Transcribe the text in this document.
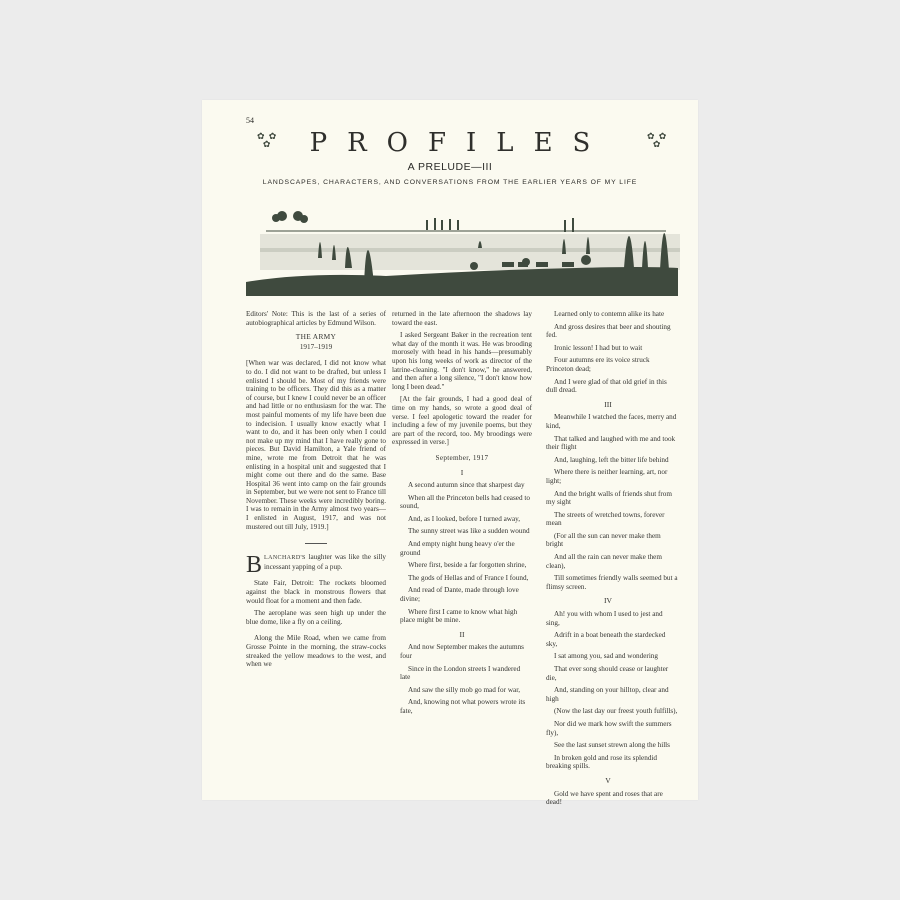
54
✿ ✿
✿
✿ ✿
✿
PROFILES
A PRELUDE—III
LANDSCAPES, CHARACTERS, AND CONVERSATIONS FROM THE EARLIER YEARS OF MY LIFE

Editors' Note: This is the last of a series of autobiographical articles by Edmund Wilson.

THE ARMY
1917–1919

[When war was declared, I did not know what to do. I did not want to be drafted, but unless I enlisted I should be. Most of my friends were training to be officers. They did this as a matter of course, but I knew I could never be an officer and had little or no enthusiasm for the war. The most painful moments of my life have been due to indecision. I usually know exactly what I want to do, and it has been only when I could not make up my mind that I have really gone to pieces. But David Hamilton, a Yale friend of mine, wrote me from Detroit that he was enlisting in a hospital unit and suggested that I might come out there and do the same. Base Hospital 36 went into camp on the fair grounds in September, but we were not sent to France till November. These weeks were incredibly boring. I was to remain in the Army almost two years—I enlisted in August, 1917, and was not mustered out till July, 1919.]

BLANCHARD'S laughter was like the silly incessant yapping of a pup.

State Fair, Detroit: The rockets bloomed against the black in monstrous flowers that would float for a moment and then fade.

The aeroplane was seen high up under the blue dome, like a fly on a ceiling.

Along the Mile Road, when we came from Grosse Pointe in the morning, the straw-cocks streaked the yellow meadows to the west, and when we

returned in the late afternoon the shadows lay toward the east.

I asked Sergeant Baker in the recreation tent what day of the month it was. He was brooding morosely with head in his hands—presumably upon his long weeks of work as director of the latrine-cleaning. "I don't know," he answered, and then after a long silence, "I don't know how long I been dead."

[At the fair grounds, I had a good deal of time on my hands, so wrote a good deal of verse. I feel apologetic toward the reader for including a few of my juvenile poems, but they are part of the record, too. My broodings were expressed in verse.]

September, 1917
I

A second autumn since that sharpest day

When all the Princeton bells had ceased to sound,

And, as I looked, before I turned away,

The sunny street was like a sudden wound

And empty night hung heavy o'er the ground

Where first, beside a far forgotten shrine,

The gods of Hellas and of France I found,

And read of Dante, made through love divine;

Where first I came to know what high place might be mine.

II

And now September makes the autumns four

Since in the London streets I wandered late

And saw the silly mob go mad for war,

And, knowing not what powers wrote its fate,

Learned only to contemn alike its hate

And gross desires that beer and shouting fed.

Ironic lesson! I had but to wait

Four autumns ere its voice struck Princeton dead;

And I were glad of that old grief in this dull dread.

III

Meanwhile I watched the faces, merry and kind,

That talked and laughed with me and took their flight

And, laughing, left the bitter life behind

Where there is neither learning, art, nor light;

And the bright walls of friends shut from my sight

The streets of wretched towns, forever mean

(For all the sun can never make them bright

And all the rain can never make them clean),

Till sometimes friendly walls seemed but a flimsy screen.

IV

Ah! you with whom I used to jest and sing,

Adrift in a boat beneath the stardecked sky,

I sat among you, sad and wondering

That ever song should cease or laughter die,

And, standing on your hilltop, clear and high

(Now the last day our freest youth fulfills),

Nor did we mark how swift the summers fly),

See the last sunset strewn along the hills

In broken gold and rose its splendid breaking spills.

V

Gold we have spent and roses that are dead!
